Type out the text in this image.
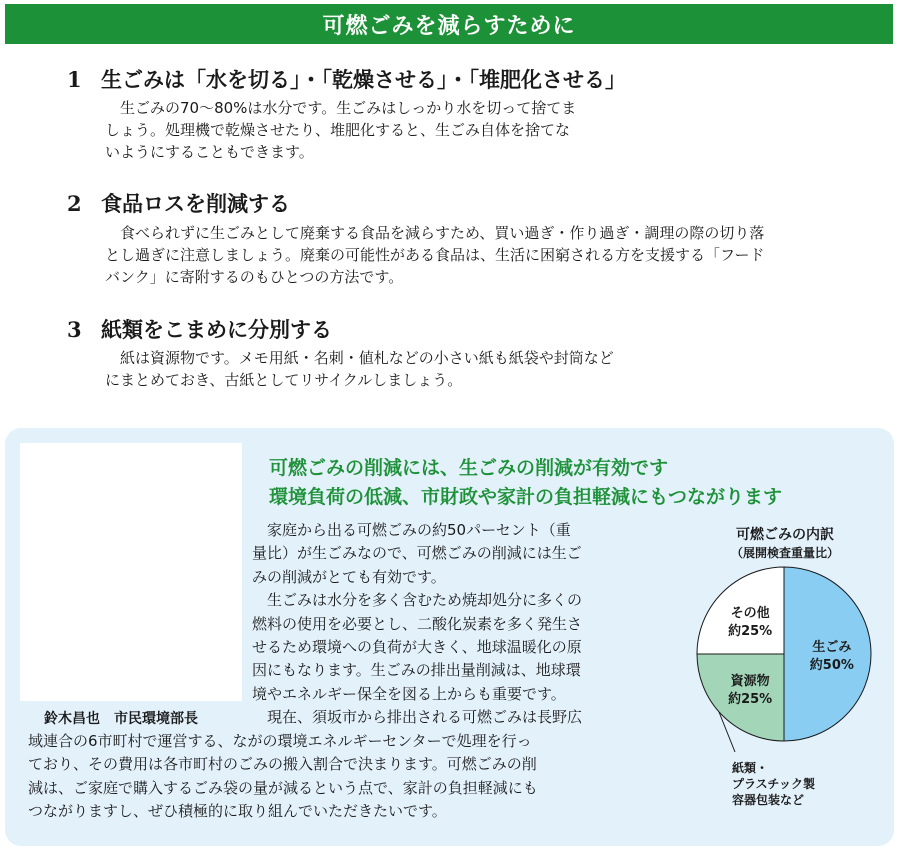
可燃ごみを減らすために
1 生ごみは「水を切る」・「乾燥させる」・「堆肥化させる」
　生ごみの70〜80%は水分です。生ごみはしっかり水を切って捨てま
しょう。処理機で乾燥させたり、堆肥化すると、生ごみ自体を捨てな
いようにすることもできます。
2 食品ロスを削減する
　食べられずに生ごみとして廃棄する食品を減らすため、買い過ぎ・作り過ぎ・調理の際の切り落
とし過ぎに注意しましょう。廃棄の可能性がある食品は、生活に困窮される方を支援する「フード
バンク」に寄附するのもひとつの方法です。
3 紙類をこまめに分別する
　紙は資源物です。メモ用紙・名刺・値札などの小さい紙も紙袋や封筒など
にまとめておき、古紙としてリサイクルしましょう。
鈴木昌也　市民環境部長
可燃ごみの削減には、生ごみの削減が有効です
環境負荷の低減、市財政や家計の負担軽減にもつながります
　家庭から出る可燃ごみの約50パーセント（重
量比）が生ごみなので、可燃ごみの削減には生ご
みの削減がとても有効です。
　生ごみは水分を多く含むため焼却処分に多くの
燃料の使用を必要とし、二酸化炭素を多く発生さ
せるため環境への負荷が大きく、地球温暖化の原
因にもなります。生ごみの排出量削減は、地球環
境やエネルギー保全を図る上からも重要です。
　現在、須坂市から排出される可燃ごみは長野広
域連合の6市町村で運営する、ながの環境エネルギーセンターで処理を行っ
ており、その費用は各市町村のごみの搬入割合で決まります。可燃ごみの削
減は、ご家庭で購入するごみ袋の量が減るという点で、家計の負担軽減にも
つながりますし、ぜひ積極的に取り組んでいただきたいです。
可燃ごみの内訳
（展開検査重量比）
生ごみ約50%
資源物約25%
その他約25%
紙類・
プラスチック製
容器包装など
